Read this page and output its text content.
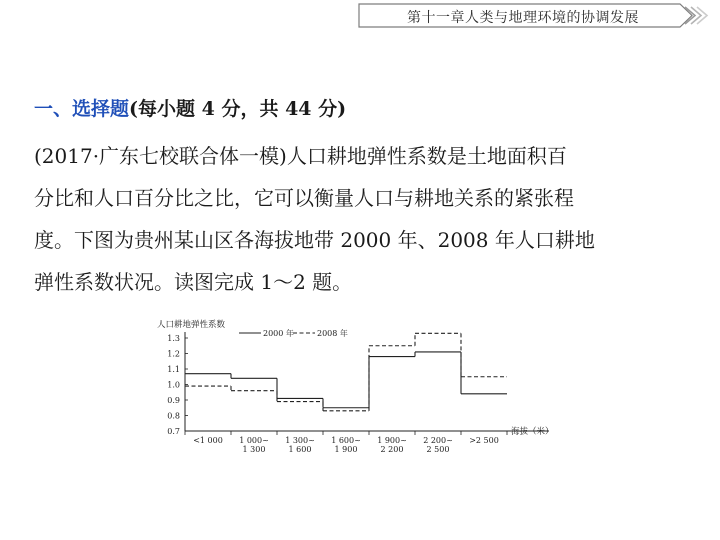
第十一章人类与地理环境的协调发展
一、选择题(每小题 4 分，共 44 分)
(2017·广东七校联合体一模)人口耕地弹性系数是土地面积百
分比和人口百分比之比，它可以衡量人口与耕地关系的紧张程
度。下图为贵州某山区各海拔地带 2000 年、2008 年人口耕地
弹性系数状况。读图完成 1～2 题。
人口耕地弹性系数
0.7
0.8
0.9
1.0
1.1
1.2
1.3
<1 000 1 000~
1 300
1 300~
1 600
1 600~
1 900
1 900~
2 200
2 200~
2 500
>2 500
海拔（米）
2000 年	2008 年
